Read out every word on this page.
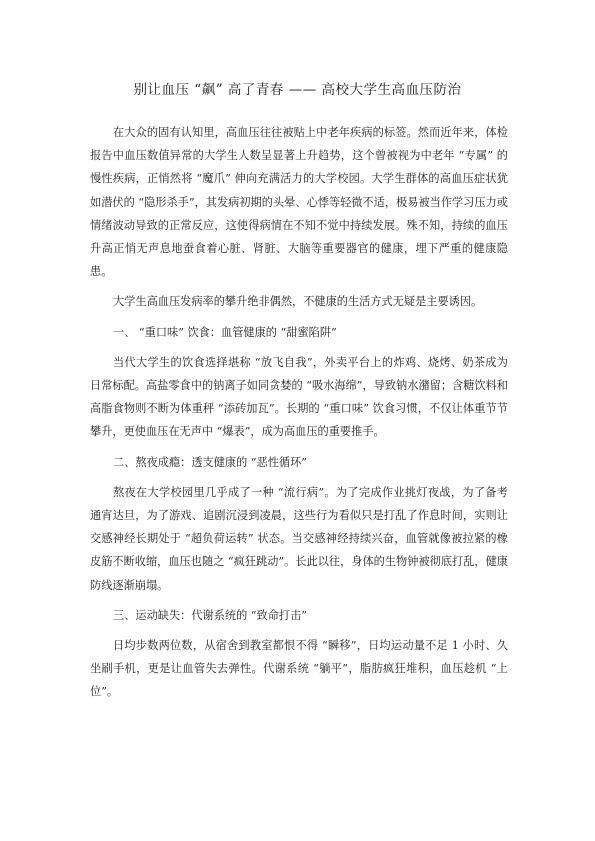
别让血压 “飙” 高了青春 —— 高校大学生高血压防治

在大众的固有认知里，高血压往往被贴上中老年疾病的标签。然而近年来，体检报告中血压数值异常的大学生人数呈显著上升趋势，这个曾被视为中老年 “专属” 的慢性疾病，正悄然将 “魔爪” 伸向充满活力的大学校园。大学生群体的高血压症状犹如潜伏的 “隐形杀手”，其发病初期的头晕、心悸等轻微不适，极易被当作学习压力或情绪波动导致的正常反应，这使得病情在不知不觉中持续发展。殊不知，持续的血压升高正悄无声息地蚕食着心脏、肾脏、大脑等重要器官的健康，埋下严重的健康隐患。

大学生高血压发病率的攀升绝非偶然，不健康的生活方式无疑是主要诱因。

一、 “重口味” 饮食：血管健康的 “甜蜜陷阱”

当代大学生的饮食选择堪称 “放飞自我”，外卖平台上的炸鸡、烧烤、奶茶成为日常标配。高盐零食中的钠离子如同贪婪的 “吸水海绵”，导致钠水潴留；含糖饮料和高脂食物则不断为体重秤 “添砖加瓦”。长期的 “重口味” 饮食习惯，不仅让体重节节攀升，更使血压在无声中 “爆表”，成为高血压的重要推手。

二、熬夜成瘾：透支健康的 “恶性循环”

熬夜在大学校园里几乎成了一种 “流行病”。为了完成作业挑灯夜战，为了备考通宵达旦，为了游戏、追剧沉浸到凌晨，这些行为看似只是打乱了作息时间，实则让交感神经长期处于 “超负荷运转” 状态。当交感神经持续兴奋，血管就像被拉紧的橡皮筋不断收缩，血压也随之 “疯狂跳动”。长此以往，身体的生物钟被彻底打乱，健康防线逐渐崩塌。

三、运动缺失：代谢系统的 “致命打击”

日均步数两位数，从宿舍到教室都恨不得 “瞬移”，日均运动量不足 1 小时、久坐刷手机，更是让血管失去弹性。代谢系统 “躺平”，脂肪疯狂堆积，血压趁机 “上位”。
